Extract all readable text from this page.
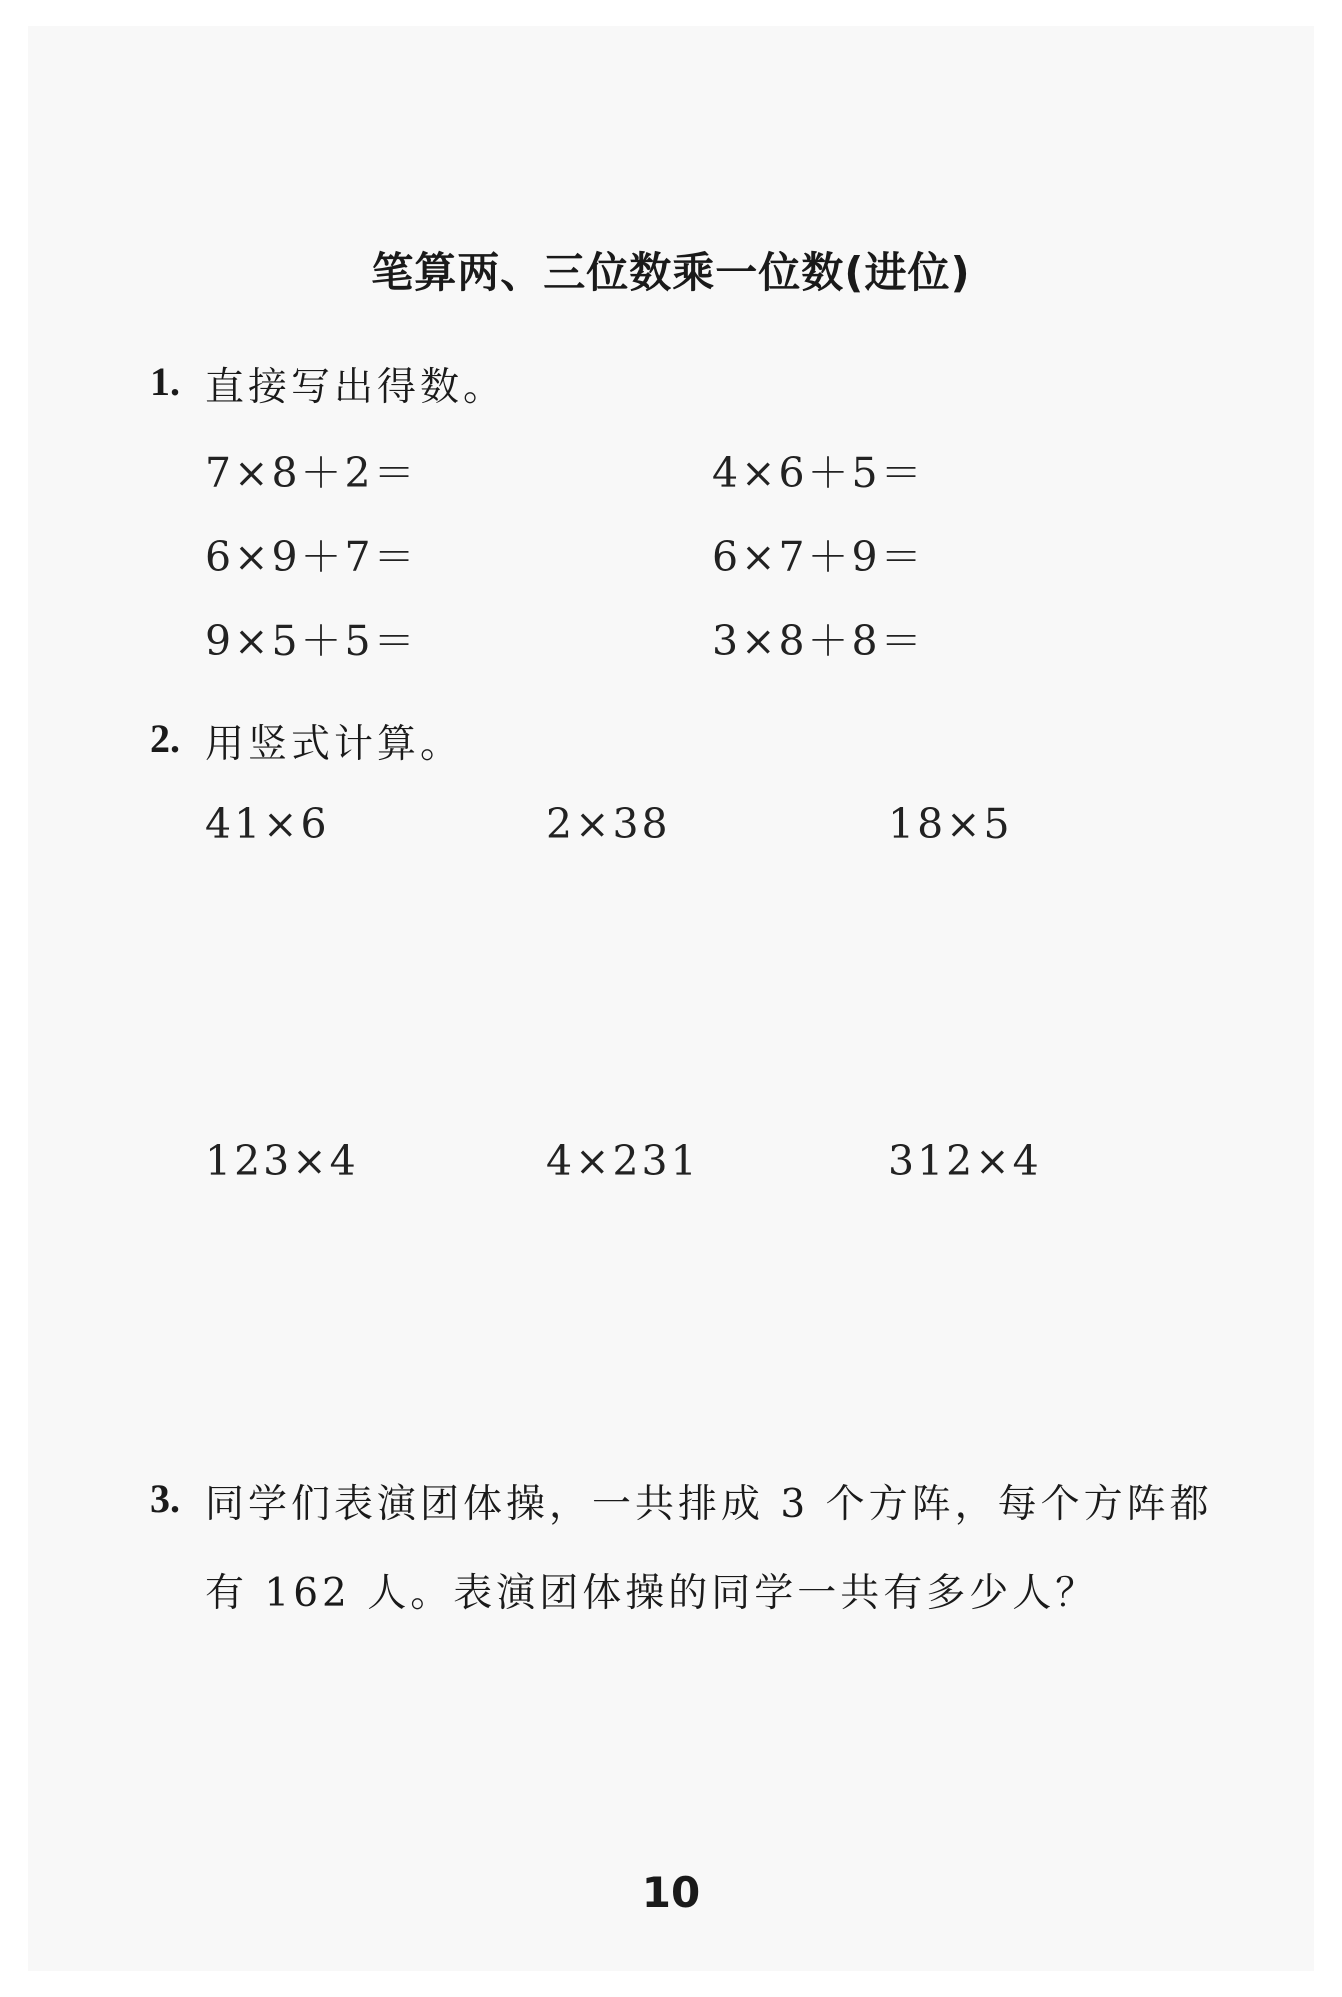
笔算两、三位数乘一位数(进位)
1. 直接写出得数。
7×8＋2＝	4×6＋5＝
6×9＋7＝	6×7＋9＝
9×5＋5＝	3×8＋8＝
2. 用竖式计算。
41×6	2×38	18×5
123×4	4×231	312×4
3. 同学们表演团体操，一共排成 3 个方阵，每个方阵都
有 162 人。表演团体操的同学一共有多少人？
10
